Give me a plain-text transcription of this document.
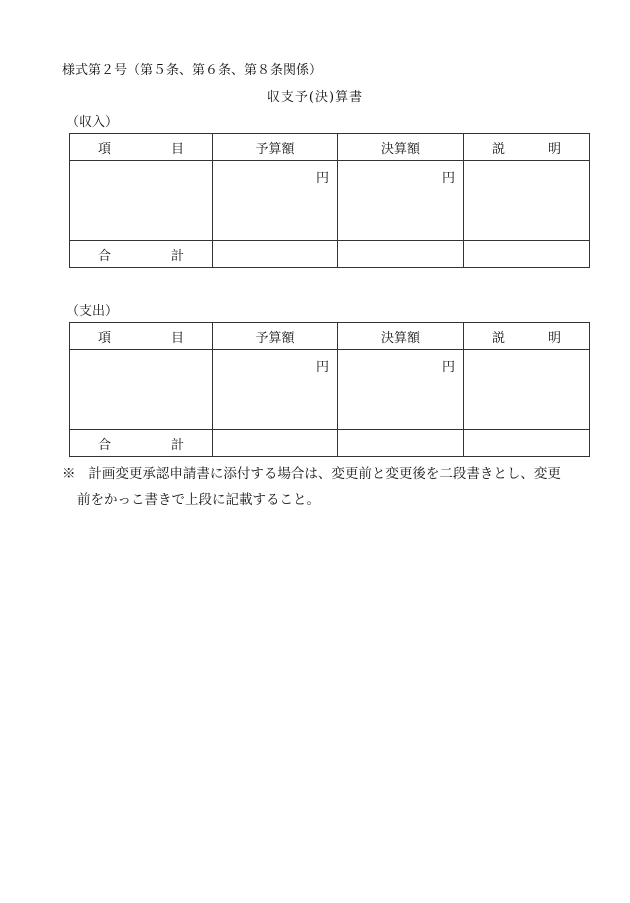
様式第２号（第５条、第６条、第８条関係）
収支予(決)算書
（収入）
項 目	予算額	決算額	説 明

	円	円	

合 計			

（支出）
項 目	予算額	決算額	説 明

	円	円	

合 計			

※ 計画変更承認申請書に添付する場合は、変更前と変更後を二段書きとし、変更
前をかっこ書きで上段に記載すること。
